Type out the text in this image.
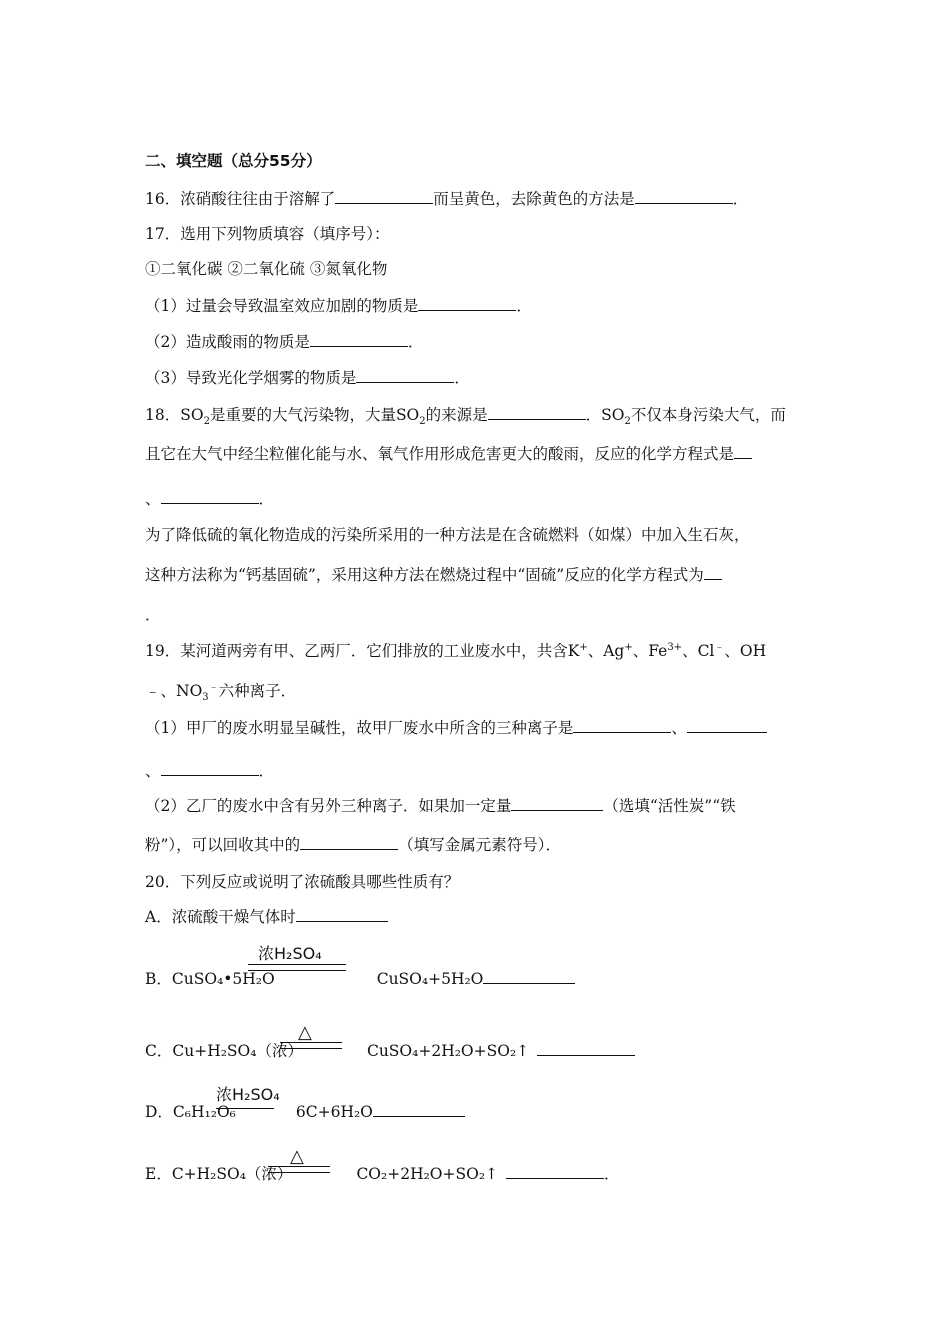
二、填空题（总分55分）
16．浓硝酸往往由于溶解了	而呈黄色，去除黄色的方法是	．
17．选用下列物质填容（填序号）：
①二氧化碳 ②二氧化硫 ③氮氧化物
（1）过量会导致温室效应加剧的物质是	．
（2）造成酸雨的物质是	．
（3）导致光化学烟雾的物质是	．
18．$SO_2$是重要的大气污染物，大量$SO_2$的来源是	．$SO_2$不仅本身污染大气，而
且它在大气中经尘粒催化能与水、氧气作用形成危害更大的酸雨，反应的化学方程式是
、	．
为了降低硫的氧化物造成的污染所采用的一种方法是在含硫燃料（如煤）中加入生石灰，
这种方法称为“钙基固硫”，采用这种方法在燃烧过程中“固硫”反应的化学方程式为
．
19．某河道两旁有甲、乙两厂．它们排放的工业废水中，共含K+、Ag+、$Fe^{3+}$、Cl﹣、OH
﹣、$NO_3^﹣$六种离子．
（1）甲厂的废水明显呈碱性，故甲厂废水中所含的三种离子是	、
、	．
（2）乙厂的废水中含有另外三种离子．如果加一定量	（选填“活性炭”“铁
粉”），可以回收其中的	（填写金属元素符号）．
20．下列反应或说明了浓硫酸具哪些性质有？
A．浓硫酸干燥气体时
B．CuSO₄•5H₂O	CuSO₄+5H₂O
浓H₂SO₄
C．Cu+H₂SO₄（浓）	CuSO₄+2H₂O+SO₂↑
△
D．C₆H₁₂O₆	6C+6H₂O
浓H₂SO₄
E．C+H₂SO₄（浓）	CO₂+2H₂O+SO₂↑	．
△
